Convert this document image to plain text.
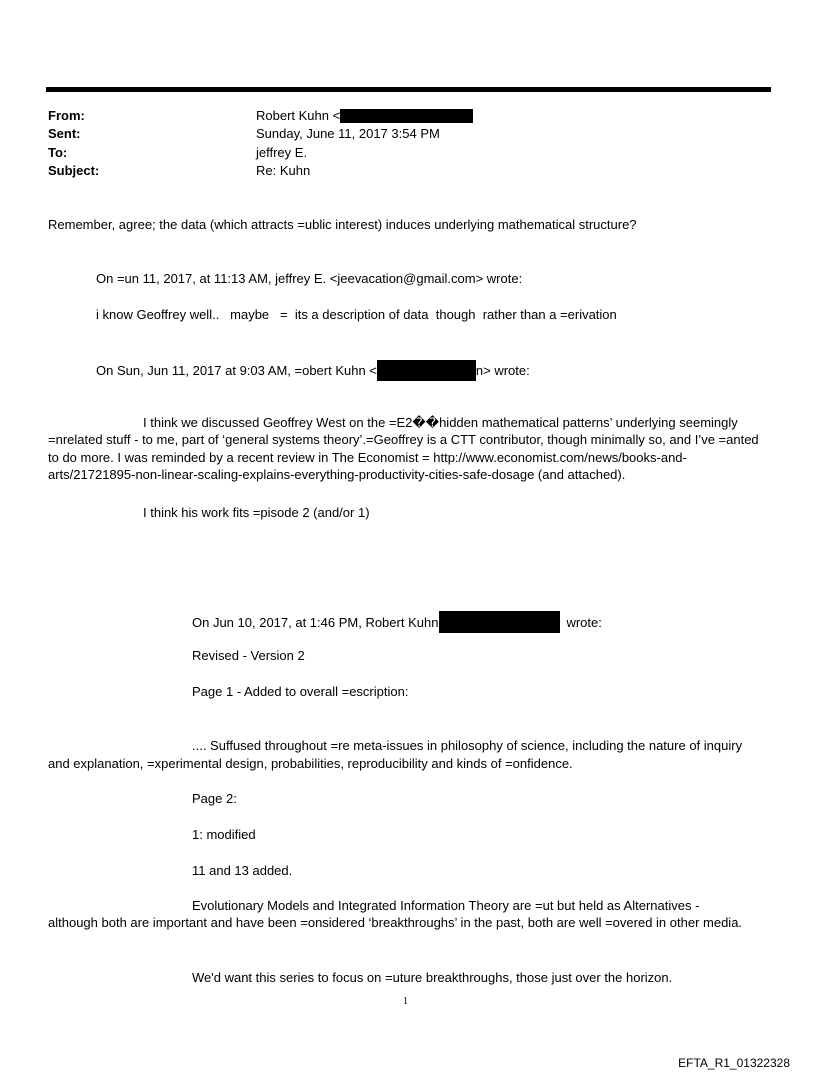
From:	Robert Kuhn <
Sent:	Sunday, June 11, 2017 3:54 PM
To:	jeffrey E.
Subject:	Re: Kuhn
Remember, agree; the data (which attracts =ublic interest) induces underlying mathematical structure?
On =un 11, 2017, at 11:13 AM, jeffrey E. <jeevacation@gmail.com> wrote:
i know Geoffrey well..   maybe   =  its a description of data  though  rather than a =erivation
On Sun, Jun 11, 2017 at 9:03 AM, =obert Kuhn <	n> wrote:
I think we discussed Geoffrey West on the =E2��hidden mathematical patterns’ underlying seemingly
=nrelated stuff - to me, part of ‘general systems theory’.=Geoffrey is a CTT contributor, though minimally so, and I’ve =anted to do more. I was reminded by a recent review in The Economist = http://www.economist.com/news/books-and-arts/21721895-non-linear-scaling-explains-everything-productivity-cities-safe-dosage (and attached).
I think his work fits =pisode 2 (and/or 1)
On Jun 10, 2017, at 1:46 PM, Robert Kuhn	wrote:
Revised - Version 2
Page 1 - Added to overall =escription:
.... Suffused throughout =re meta-issues in philosophy of science, including the nature of inquiry
and explanation, =xperimental design, probabilities, reproducibility and kinds of =onfidence.
Page 2:
1: modified
11 and 13 added.
Evolutionary Models and Integrated Information Theory are =ut but held as Alternatives -
although both are important and have been =onsidered ‘breakthroughs’ in the past, both are well =overed in other media.
We'd want this series to focus on =uture breakthroughs, those just over the horizon.
1
EFTA_R1_01322328
